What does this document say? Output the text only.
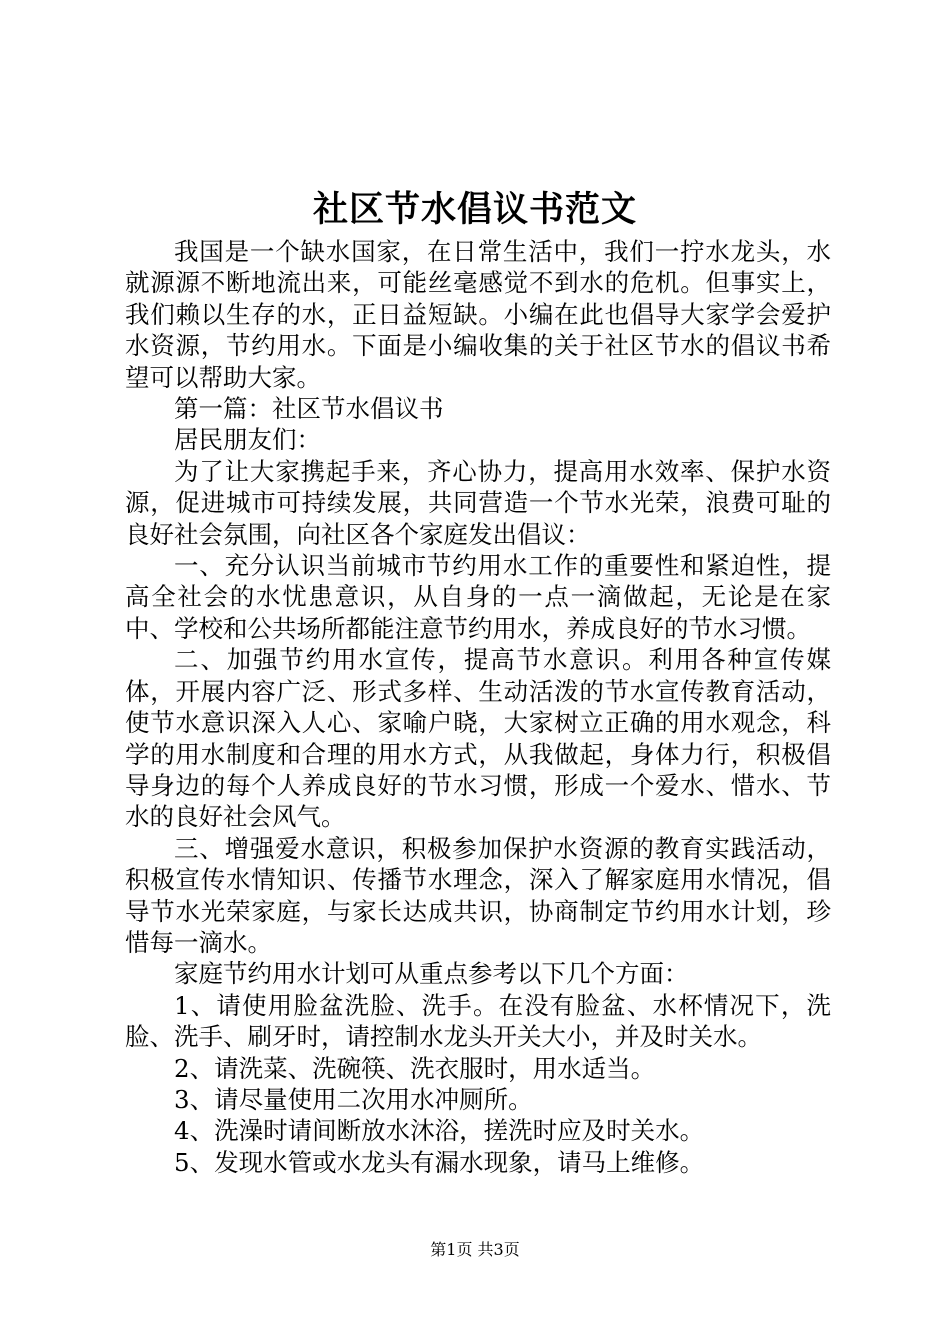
社区节水倡议书范文

我国是一个缺水国家，在日常生活中，我们一拧水龙头，水就源源不断地流出来，可能丝毫感觉不到水的危机。但事实上，我们赖以生存的水，正日益短缺。小编在此也倡导大家学会爱护水资源，节约用水。下面是小编收集的关于社区节水的倡议书希望可以帮助大家。

第一篇：社区节水倡议书

居民朋友们：

为了让大家携起手来，齐心协力，提高用水效率、保护水资源，促进城市可持续发展，共同营造一个节水光荣，浪费可耻的良好社会氛围，向社区各个家庭发出倡议：

一、充分认识当前城市节约用水工作的重要性和紧迫性，提高全社会的水忧患意识，从自身的一点一滴做起，无论是在家中、学校和公共场所都能注意节约用水，养成良好的节水习惯。

二、加强节约用水宣传，提高节水意识。利用各种宣传媒体，开展内容广泛、形式多样、生动活泼的节水宣传教育活动，使节水意识深入人心、家喻户晓，大家树立正确的用水观念，科学的用水制度和合理的用水方式，从我做起，身体力行，积极倡导身边的每个人养成良好的节水习惯，形成一个爱水、惜水、节水的良好社会风气。

三、增强爱水意识，积极参加保护水资源的教育实践活动，积极宣传水情知识、传播节水理念，深入了解家庭用水情况，倡导节水光荣家庭，与家长达成共识，协商制定节约用水计划，珍惜每一滴水。

家庭节约用水计划可从重点参考以下几个方面：

1、请使用脸盆洗脸、洗手。在没有脸盆、水杯情况下，洗脸、洗手、刷牙时，请控制水龙头开关大小，并及时关水。

2、请洗菜、洗碗筷、洗衣服时，用水适当。

3、请尽量使用二次用水冲厕所。

4、洗澡时请间断放水沐浴，搓洗时应及时关水。

5、发现水管或水龙头有漏水现象，请马上维修。

第1页 共3页
